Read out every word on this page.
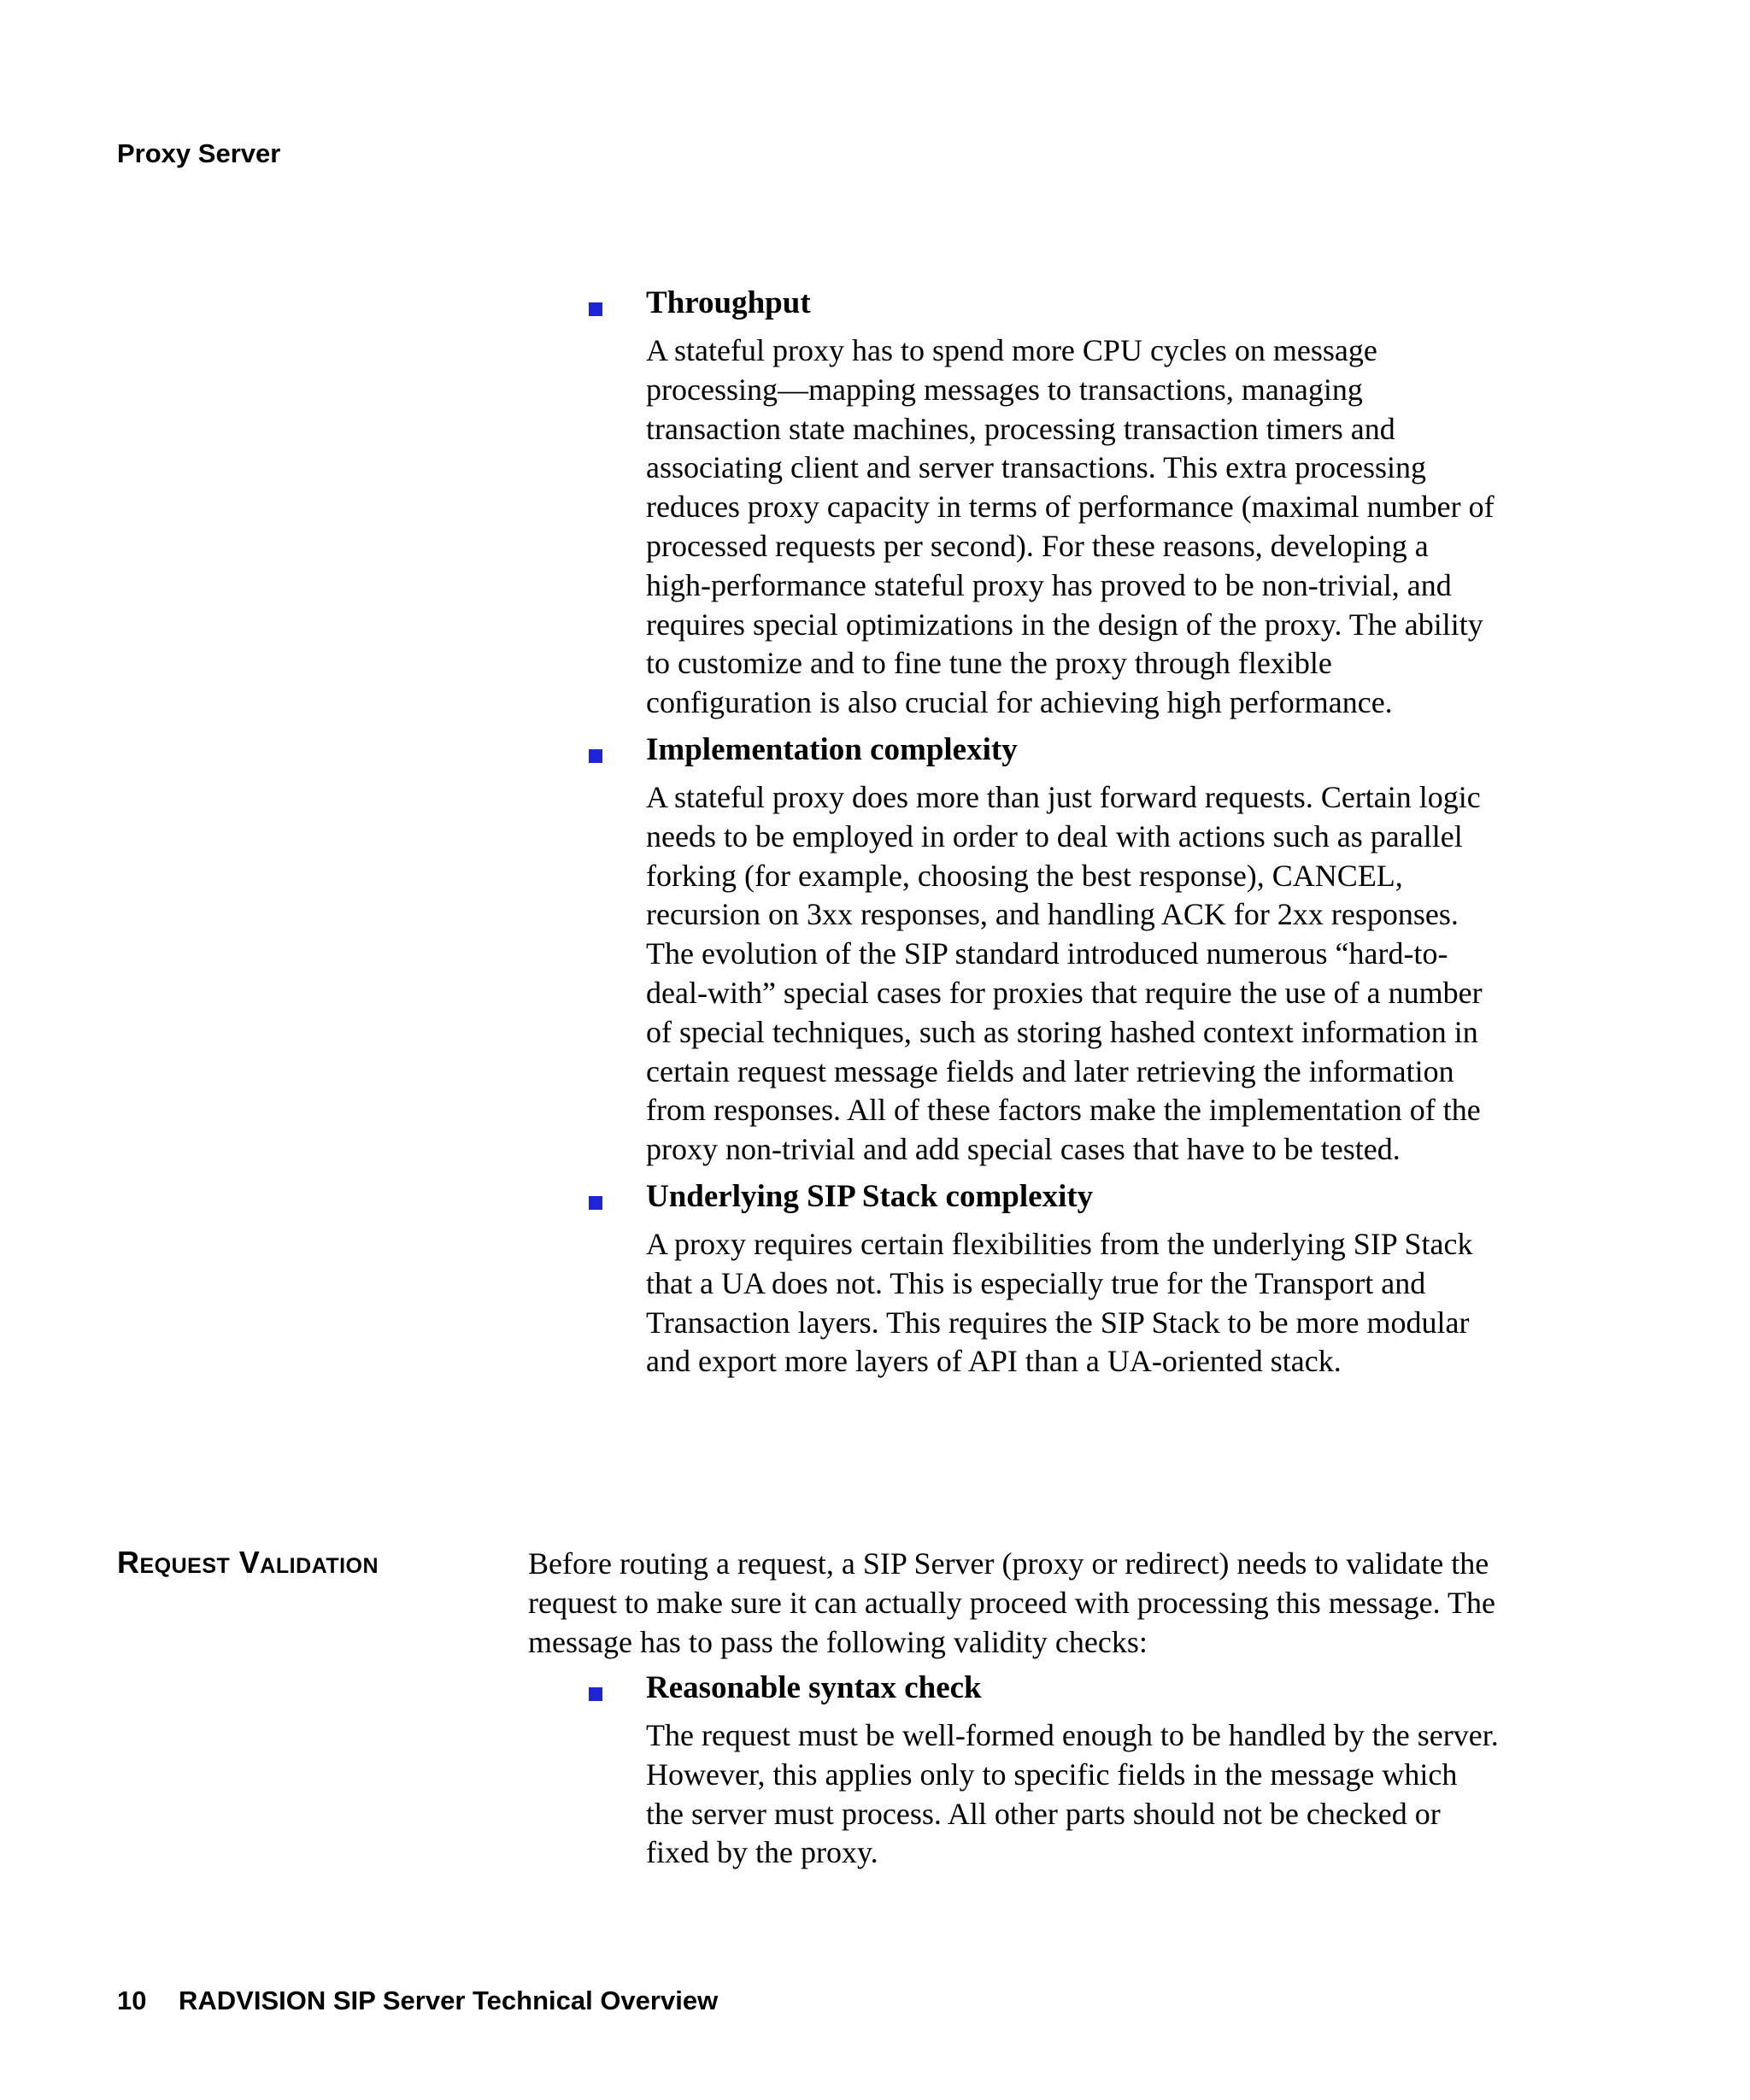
Proxy Server

Throughput

A stateful proxy has to spend more CPU cycles on message processing—mapping messages to transactions, managing transaction state machines, processing transaction timers and associating client and server transactions. This extra processing reduces proxy capacity in terms of performance (maximal number of processed requests per second). For these reasons, developing a high-performance stateful proxy has proved to be non-trivial, and requires special optimizations in the design of the proxy. The ability to customize and to fine tune the proxy through flexible configuration is also crucial for achieving high performance.

Implementation complexity

A stateful proxy does more than just forward requests. Certain logic needs to be employed in order to deal with actions such as parallel forking (for example, choosing the best response), CANCEL, recursion on 3xx responses, and handling ACK for 2xx responses. The evolution of the SIP standard introduced numerous “hard-to-deal-with” special cases for proxies that require the use of a number of special techniques, such as storing hashed context information in certain request message fields and later retrieving the information from responses. All of these factors make the implementation of the proxy non-trivial and add special cases that have to be tested.

Underlying SIP Stack complexity

A proxy requires certain flexibilities from the underlying SIP Stack that a UA does not. This is especially true for the Transport and Transaction layers. This requires the SIP Stack to be more modular and export more layers of API than a UA-oriented stack.

Request Validation	Before routing a request, a SIP Server (proxy or redirect) needs to validate the request to make sure it can actually proceed with processing this message. The message has to pass the following validity checks:

Reasonable syntax check

The request must be well-formed enough to be handled by the server. However, this applies only to specific fields in the message which the server must process. All other parts should not be checked or fixed by the proxy.

10 RADVISION SIP Server Technical Overview
